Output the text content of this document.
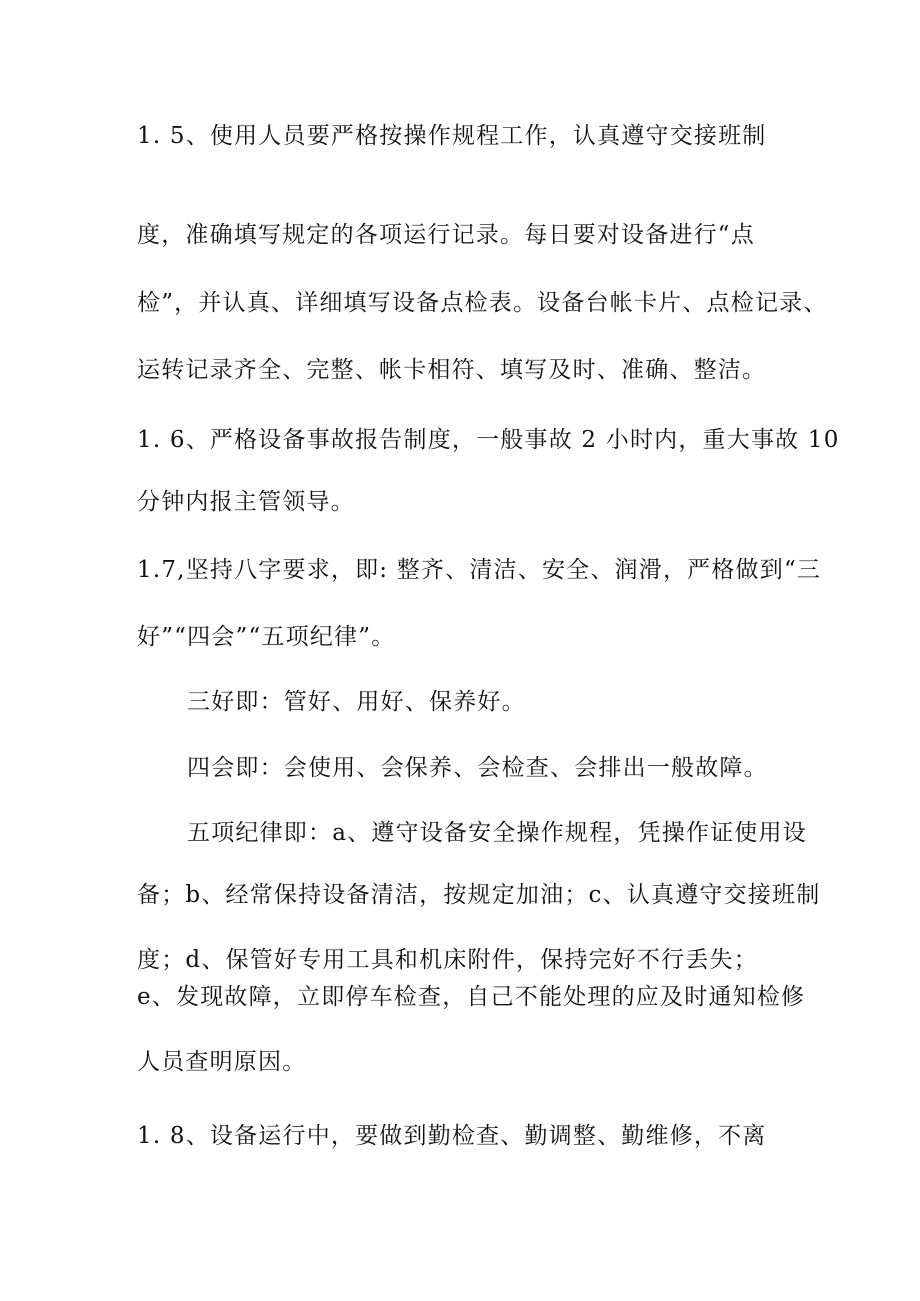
1. 5、使用人员要严格按操作规程工作，认真遵守交接班制
度，准确填写规定的各项运行记录。每日要对设备进行“点
检”，并认真、详细填写设备点检表。设备台帐卡片、点检记录、
运转记录齐全、完整、帐卡相符、填写及时、准确、整洁。
1. 6、严格设备事故报告制度，一般事故 2 小时内，重大事故 10
分钟内报主管领导。
1.7,坚持八字要求，即: 整齐、清洁、安全、润滑，严格做到“三
好”“四会”“五项纪律”。
三好即：管好、用好、保养好。
四会即：会使用、会保养、会检查、会排出一般故障。
五项纪律即：a、遵守设备安全操作规程，凭操作证使用设
备；b、经常保持设备清洁，按规定加油；c、认真遵守交接班制
度；d、保管好专用工具和机床附件，保持完好不行丢失；
e、发现故障，立即停车检查，自己不能处理的应及时通知检修
人员查明原因。
1. 8、设备运行中，要做到勤检查、勤调整、勤维修，不离
